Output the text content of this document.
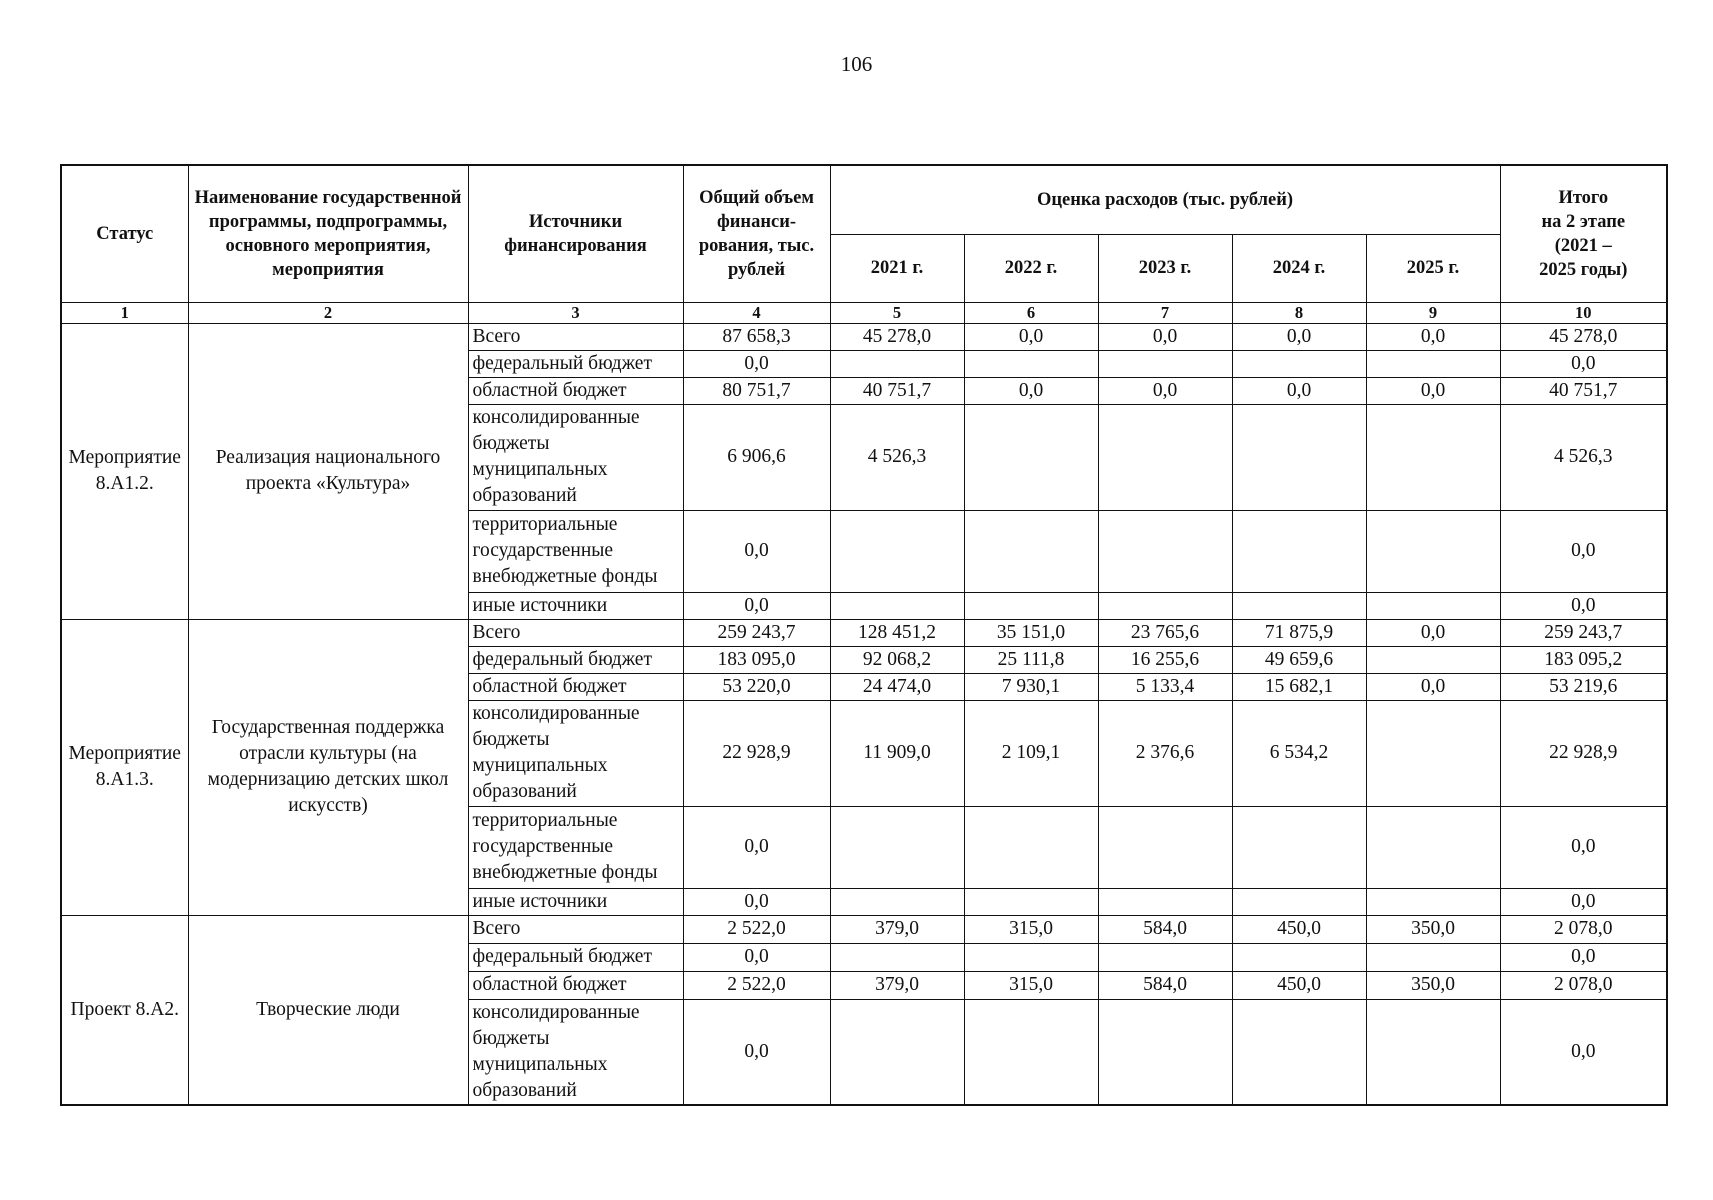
106
Статус	Наименование государственной программы, подпрограммы, основного мероприятия, мероприятия	Источники финансирования	Общий объем финанси-рования, тыс. рублей	Оценка расходов (тыс. рублей)					Итого
на 2 этапе
(2021 –
2025 годы)
				2021 г.	2022 г.	2023 г.	2024 г.	2025 г.	
1	2	3	4	5	6	7	8	9	10
Мероприятие 8.А1.2.	Реализация национального проекта «Культура»	Всего	87 658,3	45 278,0	0,0	0,0	0,0	0,0	45 278,0
		федеральный бюджет	0,0						0,0
		областной бюджет	80 751,7	40 751,7	0,0	0,0	0,0	0,0	40 751,7
		консолидированные бюджеты муниципальных образований	6 906,6	4 526,3					4 526,3
		территориальные государственные внебюджетные фонды	0,0						0,0
		иные источники	0,0						0,0
Мероприятие 8.А1.3.	Государственная поддержка отрасли культуры (на модернизацию детских школ искусств)	Всего	259 243,7	128 451,2	35 151,0	23 765,6	71 875,9	0,0	259 243,7
		федеральный бюджет	183 095,0	92 068,2	25 111,8	16 255,6	49 659,6		183 095,2
		областной бюджет	53 220,0	24 474,0	7 930,1	5 133,4	15 682,1	0,0	53 219,6
		консолидированные бюджеты муниципальных образований	22 928,9	11 909,0	2 109,1	2 376,6	6 534,2		22 928,9
		территориальные государственные внебюджетные фонды	0,0						0,0
		иные источники	0,0						0,0
Проект 8.А2.	Творческие люди	Всего	2 522,0	379,0	315,0	584,0	450,0	350,0	2 078,0
		федеральный бюджет	0,0						0,0
		областной бюджет	2 522,0	379,0	315,0	584,0	450,0	350,0	2 078,0
		консолидированные бюджеты муниципальных образований	0,0						0,0
